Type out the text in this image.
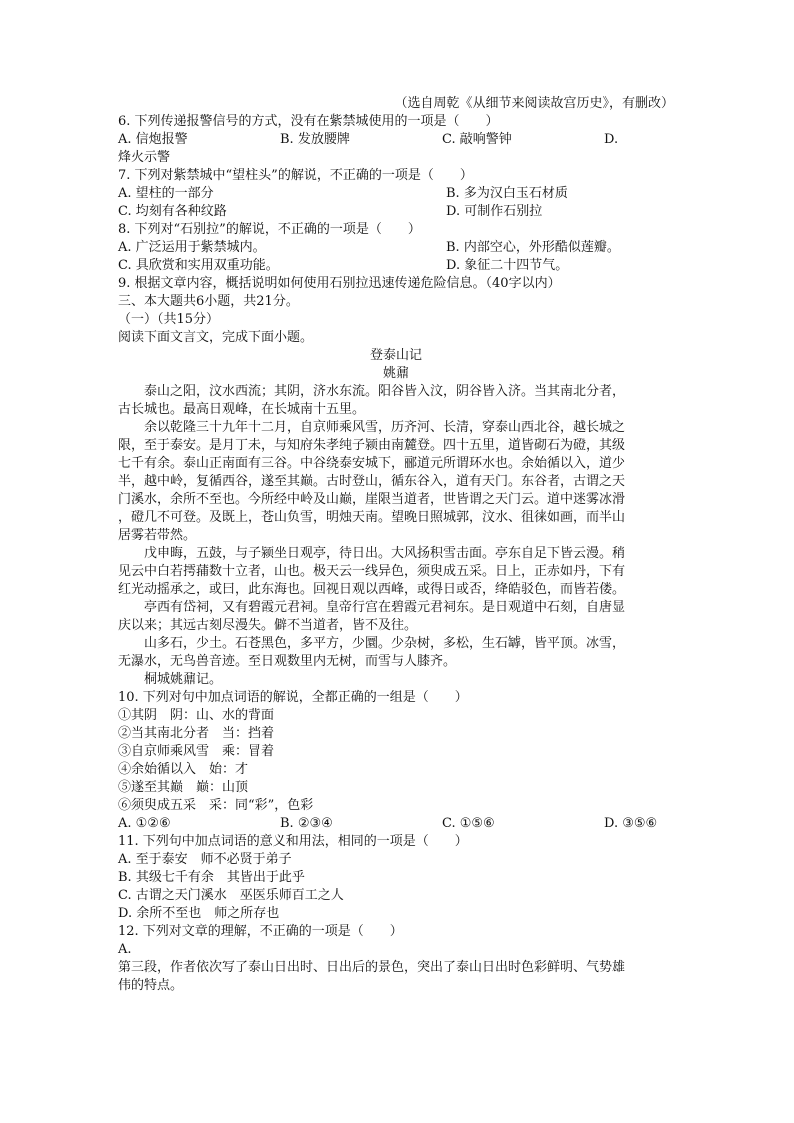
（选自周乾《从细节来阅读故宫历史》，有删改）
6. 下列传递报警信号的方式，没有在紫禁城使用的一项是（　　）
A. 信炮报警	B. 发放腰牌	C. 敲响警钟	D.
烽火示警
7. 下列对紫禁城中“望柱头”的解说，不正确的一项是（　　）
A. 望柱的一部分	B. 多为汉白玉石材质
C. 均刻有各种纹路	D. 可制作石别拉
8. 下列对“石别拉”的解说，不正确的一项是（　　）
A. 广泛运用于紫禁城内。	B. 内部空心，外形酷似莲瓣。
C. 具欣赏和实用双重功能。	D. 象征二十四节气。
9. 根据文章内容，概括说明如何使用石别拉迅速传递危险信息。（40字以内）
三、本大题共6小题，共21分。
（一）（共15分）
阅读下面文言文，完成下面小题。
登泰山记
姚鼐
泰山之阳，汶水西流；其阴，济水东流。阳谷皆入汶，阴谷皆入济。当其南北分者，
古长城也。最高日观峰，在长城南十五里。
余以乾隆三十九年十二月，自京师乘风雪，历齐河、长清，穿泰山西北谷，越长城之
限，至于泰安。是月丁未，与知府朱孝纯子颍由南麓登。四十五里，道皆砌石为磴，其级
七千有余。泰山正南面有三谷。中谷绕泰安城下，郦道元所谓环水也。余始循以入，道少
半，越中岭，复循西谷，遂至其巅。古时登山，循东谷入，道有天门。东谷者，古谓之天
门溪水，余所不至也。今所经中岭及山巅，崖限当道者，世皆谓之天门云。道中迷雾冰滑
，磴几不可登。及既上，苍山负雪，明烛天南。望晚日照城郭，汶水、徂徕如画，而半山
居雾若带然。
戊申晦，五鼓，与子颍坐日观亭，待日出。大风扬积雪击面。亭东自足下皆云漫。稍
见云中白若摴蒱数十立者，山也。极天云一线异色，须臾成五采。日上，正赤如丹，下有
红光动摇承之，或曰，此东海也。回视日观以西峰，或得日或否，绛皓驳色，而皆若偻。
亭西有岱祠，又有碧霞元君祠。皇帝行宫在碧霞元君祠东。是日观道中石刻，自唐显
庆以来；其远古刻尽漫失。僻不当道者，皆不及往。
山多石，少土。石苍黑色，多平方，少圜。少杂树，多松，生石罅，皆平顶。冰雪，
无瀑水，无鸟兽音迹。至日观数里内无树，而雪与人膝齐。
桐城姚鼐记。
10. 下列对句中加点词语的解说，全都正确的一组是（　　）
①其阴　阴：山、水的背面
②当其南北分者　当：挡着
③自京师乘风雪　乘：冒着
④余始循以入　始：才
⑤遂至其巅　巅：山顶
⑥须臾成五采　采：同“彩”，色彩
A. ①②⑥	B. ②③④	C. ①⑤⑥	D. ③⑤⑥
11. 下列句中加点词语的意义和用法，相同的一项是（　　）
A. 至于泰安　师不必贤于弟子
B. 其级七千有余　其皆出于此乎
C. 古谓之天门溪水　巫医乐师百工之人
D. 余所不至也　师之所存也
12. 下列对文章的理解，不正确的一项是（　　）
A.
第三段，作者依次写了泰山日出时、日出后的景色，突出了泰山日出时色彩鲜明、气势雄
伟的特点。
